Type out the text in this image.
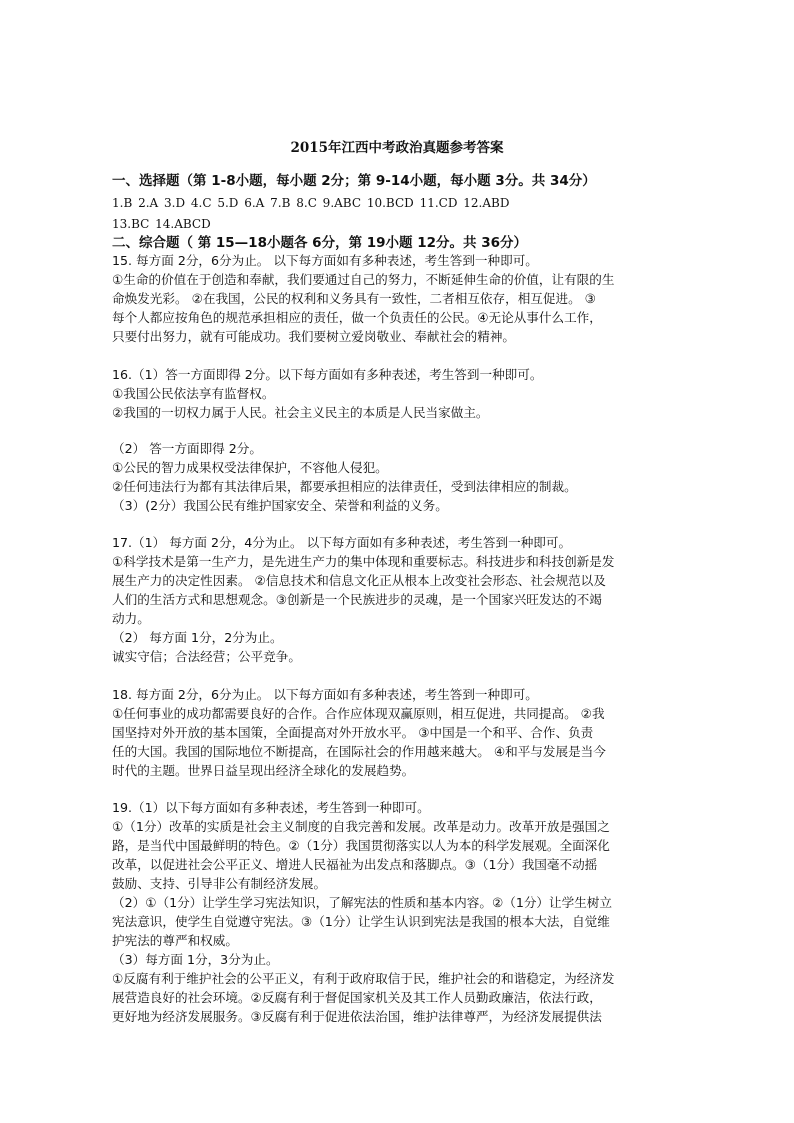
2015年江西中考政治真题参考答案
一、选择题（第 1-8小题，每小题 2分；第 9-14小题，每小题 3分。共 34分）
1.B 2.A 3.D 4.C 5.D 6.A 7.B 8.C 9.ABC 10.BCD 11.CD 12.ABD
13.BC 14.ABCD
二、综合题（ 第 15—18小题各 6分，第 19小题 12分。共 36分）
15. 每方面 2分，6分为止。 以下每方面如有多种表述，考生答到一种即可。
①生命的价值在于创造和奉献，我们要通过自己的努力，不断延伸生命的价值，让有限的生
命焕发光彩。 ②在我国，公民的权利和义务具有一致性，二者相互依存，相互促进。 ③
每个人都应按角色的规范承担相应的责任，做一个负责任的公民。④无论从事什么工作，
只要付出努力，就有可能成功。我们要树立爱岗敬业、奉献社会的精神。
16.（1）答一方面即得 2分。以下每方面如有多种表述，考生答到一种即可。
①我国公民依法享有监督权。
②我国的一切权力属于人民。社会主义民主的本质是人民当家做主。
（2） 答一方面即得 2分。
①公民的智力成果权受法律保护，不容他人侵犯。
②任何违法行为都有其法律后果，都要承担相应的法律责任，受到法律相应的制裁。
（3）(2分）我国公民有维护国家安全、荣誉和利益的义务。
17.（1） 每方面 2分，4分为止。 以下每方面如有多种表述，考生答到一种即可。
①科学技术是第一生产力，是先进生产力的集中体现和重要标志。科技进步和科技创新是发
展生产力的决定性因素。 ②信息技术和信息文化正从根本上改变社会形态、社会规范以及
人们的生活方式和思想观念。③创新是一个民族进步的灵魂，是一个国家兴旺发达的不竭
动力。
（2） 每方面 1分，2分为止。
诚实守信；合法经营；公平竞争。
18. 每方面 2分，6分为止。 以下每方面如有多种表述，考生答到一种即可。
①任何事业的成功都需要良好的合作。合作应体现双赢原则，相互促进，共同提高。 ②我
国坚持对外开放的基本国策，全面提高对外开放水平。 ③中国是一个和平、合作、负责
任的大国。我国的国际地位不断提高，在国际社会的作用越来越大。 ④和平与发展是当今
时代的主题。世界日益呈现出经济全球化的发展趋势。
19.（1）以下每方面如有多种表述，考生答到一种即可。
①（1分）改革的实质是社会主义制度的自我完善和发展。改革是动力。改革开放是强国之
路，是当代中国最鲜明的特色。②（1分）我国贯彻落实以人为本的科学发展观。全面深化
改革，以促进社会公平正义、增进人民福祉为出发点和落脚点。③（1分）我国毫不动摇
鼓励、支持、引导非公有制经济发展。
（2）①（1分）让学生学习宪法知识，了解宪法的性质和基本内容。②（1分）让学生树立
宪法意识，使学生自觉遵守宪法。③（1分）让学生认识到宪法是我国的根本大法，自觉维
护宪法的尊严和权威。
（3）每方面 1分，3分为止。
①反腐有利于维护社会的公平正义，有利于政府取信于民，维护社会的和谐稳定，为经济发
展营造良好的社会环境。②反腐有利于督促国家机关及其工作人员勤政廉洁，依法行政，
更好地为经济发展服务。③反腐有利于促进依法治国，维护法律尊严，为经济发展提供法
